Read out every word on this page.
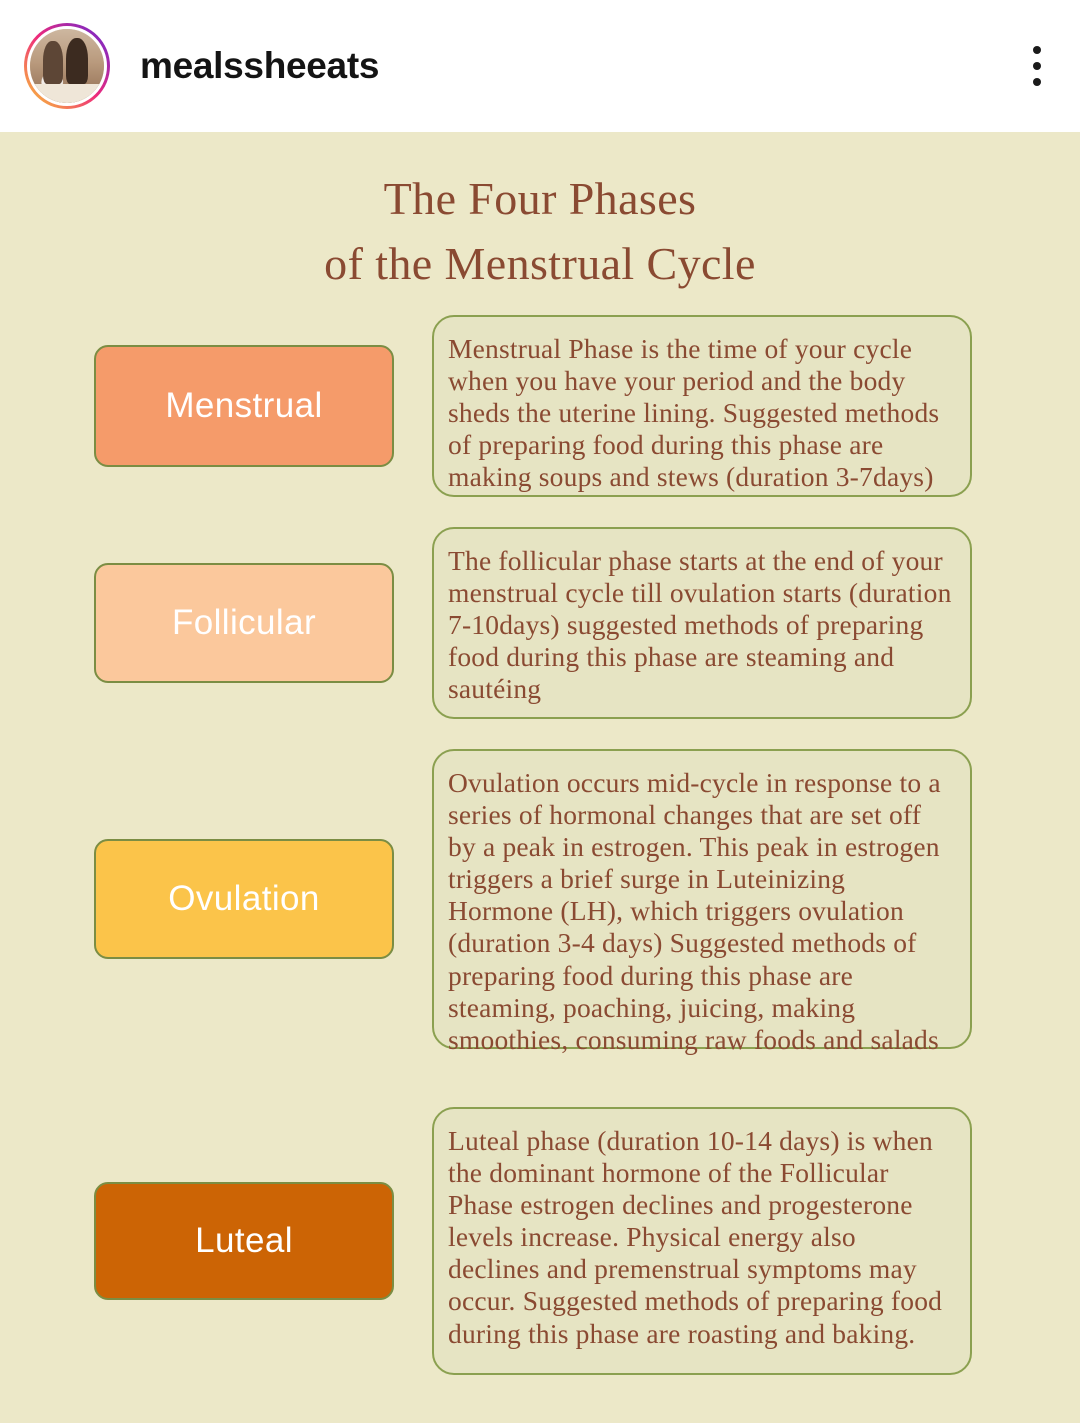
mealssheeats
The Four Phases
of the Menstrual Cycle
Menstrual
Menstrual Phase is the time of your cycle when you have your period and the body sheds the uterine lining. Suggested methods of preparing food during this phase are making soups and stews (duration 3-7days)
Follicular
The follicular phase starts at the end of your menstrual cycle till ovulation starts (duration 7-10days) suggested methods of preparing food during this phase are steaming and sautéing
Ovulation
Ovulation occurs mid-cycle in response to a series of hormonal changes that are set off by a peak in estrogen. This peak in estrogen triggers a brief surge in Luteinizing Hormone (LH), which triggers ovulation (duration 3-4 days) Suggested methods of preparing food during this phase are steaming, poaching, juicing, making smoothies, consuming raw foods and salads
Luteal
Luteal phase (duration 10-14 days) is when the dominant hormone of the Follicular Phase estrogen declines and progesterone levels increase. Physical energy also declines and premenstrual symptoms may occur. Suggested methods of preparing food during this phase are roasting and baking.
